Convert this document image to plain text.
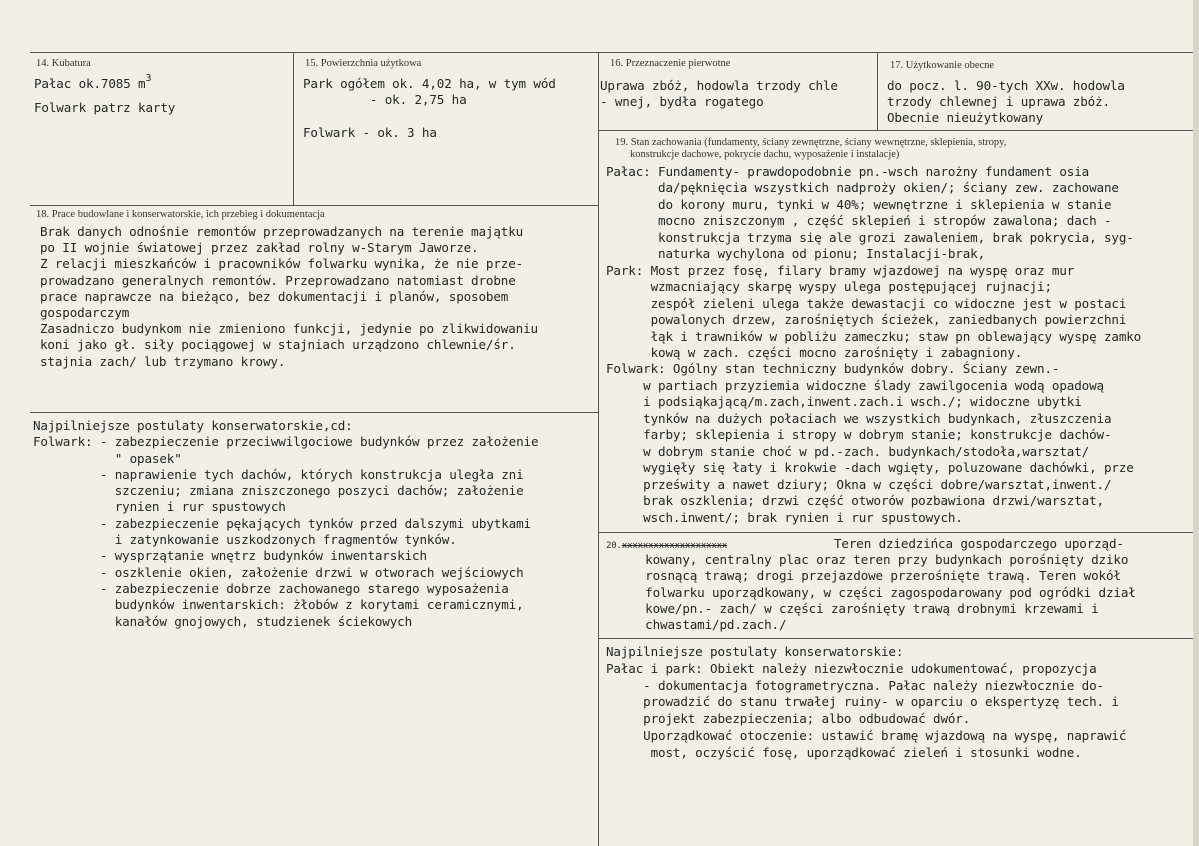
14. Kubatura
Pałac ok.7085 $m^3$
Folwark patrz karty
15. Powierzchnia użytkowa
Park ogółem ok. 4,02 ha, w tym wód
- ok. 2,75 ha

Folwark - ok. 3 ha
16. Przeznaczenie pierwotne
Uprawa zbóż, hodowla trzody chle
- wnej, bydła rogatego
17. Użytkowanie obecne
do pocz. l. 90-tych XXw. hodowla
trzody chlewnej i uprawa zbóż.
Obecnie nieużytkowany
18. Prace budowlane i konserwatorskie, ich przebieg i dokumentacja
Brak danych odnośnie remontów przeprowadzanych na terenie majątku
po II wojnie światowej przez zakład rolny w-Starym Jaworze.
Z relacji mieszkańców i pracowników folwarku wynika, że nie prze-
prowadzano generalnych remontów. Przeprowadzano natomiast drobne
prace naprawcze na bieżąco, bez dokumentacji i planów, sposobem
gospodarczym
Zasadniczo budynkom nie zmieniono funkcji, jedynie po zlikwidowaniu
koni jako gł. siły pociągowej w stajniach urządzono chlewnie/śr.
stajnia zach/ lub trzymano krowy.
Najpilniejsze postulaty konserwatorskie,cd:
Folwark: - zabezpieczenie przeciwwilgociowe budynków przez założenie
" opasek"
- naprawienie tych dachów, których konstrukcja uległa zni
szczeniu; zmiana zniszczonego poszyci dachów; założenie
rynien i rur spustowych
- zabezpieczenie pękających tynków przed dalszymi ubytkami
i zatynkowanie uszkodzonych fragmentów tynków.
- wysprzątanie wnętrz budynków inwentarskich
- oszklenie okien, założenie drzwi w otworach wejściowych
- zabezpieczenie dobrze zachowanego starego wyposażenia
budynków inwentarskich: żłobów z korytami ceramicznymi,
kanałów gnojowych, studzienek ściekowych
19. Stan zachowania (fundamenty, ściany zewnętrzne, ściany wewnętrzne, sklepienia, stropy,
konstrukcje dachowe, pokrycie dachu, wyposażenie i instalacje)
Pałac: Fundamenty- prawdopodobnie pn.-wsch narożny fundament osia
da/pęknięcia wszystkich nadproży okien/; ściany zew. zachowane
do korony muru, tynki w 40%; wewnętrzne i sklepienia w stanie
mocno zniszczonym , część sklepień i stropów zawalona; dach -
konstrukcja trzyma się ale grozi zawaleniem, brak pokrycia, syg-
naturka wychylona od pionu; Instalacji-brak,
Park: Most przez fosę, filary bramy wjazdowej na wyspę oraz mur
wzmacniający skarpę wyspy ulega postępującej rujnacji;
zespół zieleni ulega także dewastacji co widoczne jest w postaci
powalonych drzew, zarośniętych ścieżek, zaniedbanych powierzchni
łąk i trawników w pobliżu zameczku; staw pn oblewający wyspę zamko
kową w zach. części mocno zarośnięty i zabagniony.
Folwark: Ogólny stan techniczny budynków dobry. Ściany zewn.-
w partiach przyziemia widoczne ślady zawilgocenia wodą opadową
i podsiąkającą/m.zach,inwent.zach.i wsch./; widoczne ubytki
tynków na dużych połaciach we wszystkich budynkach, złuszczenia
farby; sklepienia i stropy w dobrym stanie; konstrukcje dachów-
w dobrym stanie choć w pd.-zach. budynkach/stodoła,warsztat/
wygięły się łaty i krokwie -dach wgięty, poluzowane dachówki, prze
prześwity a nawet dziury; Okna w części dobre/warsztat,inwent./
brak oszklenia; drzwi część otworów pozbawiona drzwi/warsztat,
wsch.inwent/; brak rynien i rur spustowych.
20.xxxxxxxxxxxxxxxxxxxx	Teren dziedzińca gospodarczego uporząd-
kowany, centralny plac oraz teren przy budynkach porośnięty dziko
rosnącą trawą; drogi przejazdowe przerośnięte trawą. Teren wokół
folwarku uporządkowany, w części zagospodarowany pod ogródki dział
kowe/pn.- zach/ w części zarośnięty trawą drobnymi krzewami i
chwastami/pd.zach./
Najpilniejsze postulaty konserwatorskie:
Pałac i park: Obiekt należy niezwłocznie udokumentować, propozycja
- dokumentacja fotogrametryczna. Pałac należy niezwłocznie do-
prowadzić do stanu trwałej ruiny- w oparciu o ekspertyzę tech. i
projekt zabezpieczenia; albo odbudować dwór.
Uporządkować otoczenie: ustawić bramę wjazdową na wyspę, naprawić
most, oczyścić fosę, uporządkować zieleń i stosunki wodne.
